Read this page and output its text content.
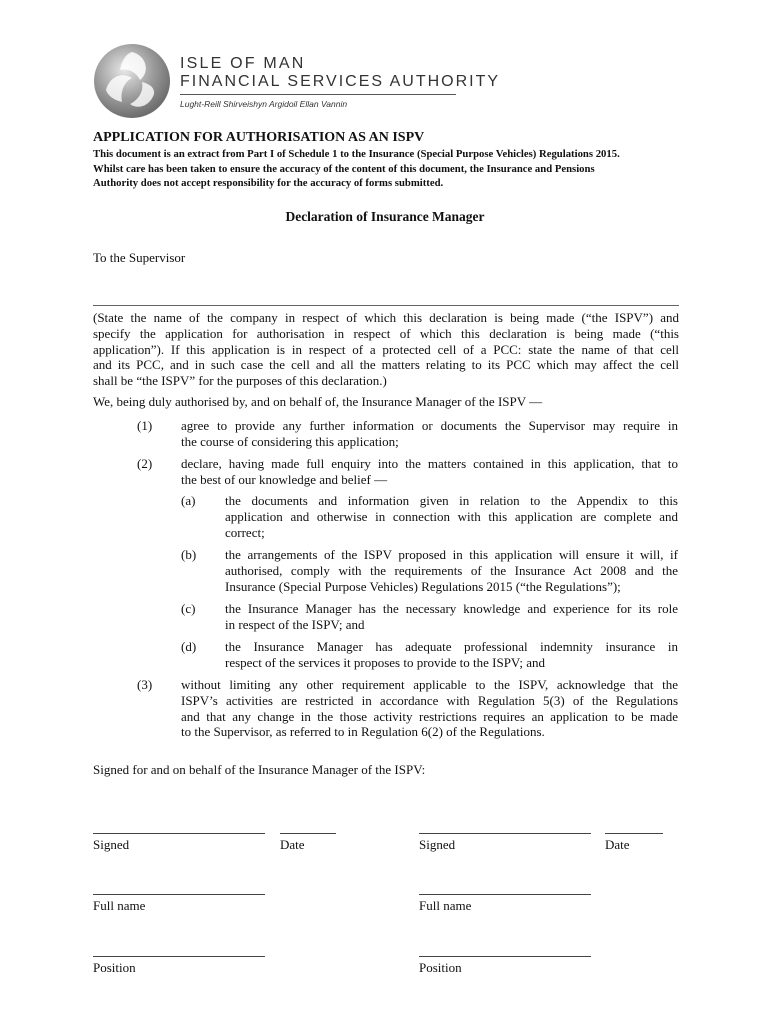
ISLE OF MAN
FINANCIAL SERVICES AUTHORITY
Lught-Reill Shirveishyn Argidoil Ellan Vannin
APPLICATION FOR AUTHORISATION AS AN ISPV
This document is an extract from Part I of Schedule 1 to the Insurance (Special Purpose Vehicles) Regulations 2015.
Whilst care has been taken to ensure the accuracy of the content of this document, the Insurance and Pensions
Authority does not accept responsibility for the accuracy of forms submitted.
Declaration of Insurance Manager
To the Supervisor
(State the name of the company in respect of which this declaration is being made (“the ISPV”) and
specify the application for authorisation in respect of which this declaration is being made (“this
application”). If this application is in respect of a protected cell of a PCC: state the name of that cell
and its PCC, and in such case the cell and all the matters relating to its PCC which may affect the cell
shall be “the ISPV” for the purposes of this declaration.)
We, being duly authorised by, and on behalf of, the Insurance Manager of the ISPV —
(1) agree to provide any further information or documents the Supervisor may require in
the course of considering this application;
(2) declare, having made full enquiry into the matters contained in this application, that to
the best of our knowledge and belief —
(a) the documents and information given in relation to the Appendix to this
application and otherwise in connection with this application are complete and
correct;
(b) the arrangements of the ISPV proposed in this application will ensure it will, if
authorised, comply with the requirements of the Insurance Act 2008 and the
Insurance (Special Purpose Vehicles) Regulations 2015 (“the Regulations”);
(c) the Insurance Manager has the necessary knowledge and experience for its role
in respect of the ISPV; and
(d) the Insurance Manager has adequate professional indemnity insurance in
respect of the services it proposes to provide to the ISPV; and
(3) without limiting any other requirement applicable to the ISPV, acknowledge that the
ISPV’s activities are restricted in accordance with Regulation 5(3) of the Regulations
and that any change in the those activity restrictions requires an application to be made
to the Supervisor, as referred to in Regulation 6(2) of the Regulations.
Signed for and on behalf of the Insurance Manager of the ISPV:
Signed	Date
Full name
Position
Signed	Date
Full name
Position
